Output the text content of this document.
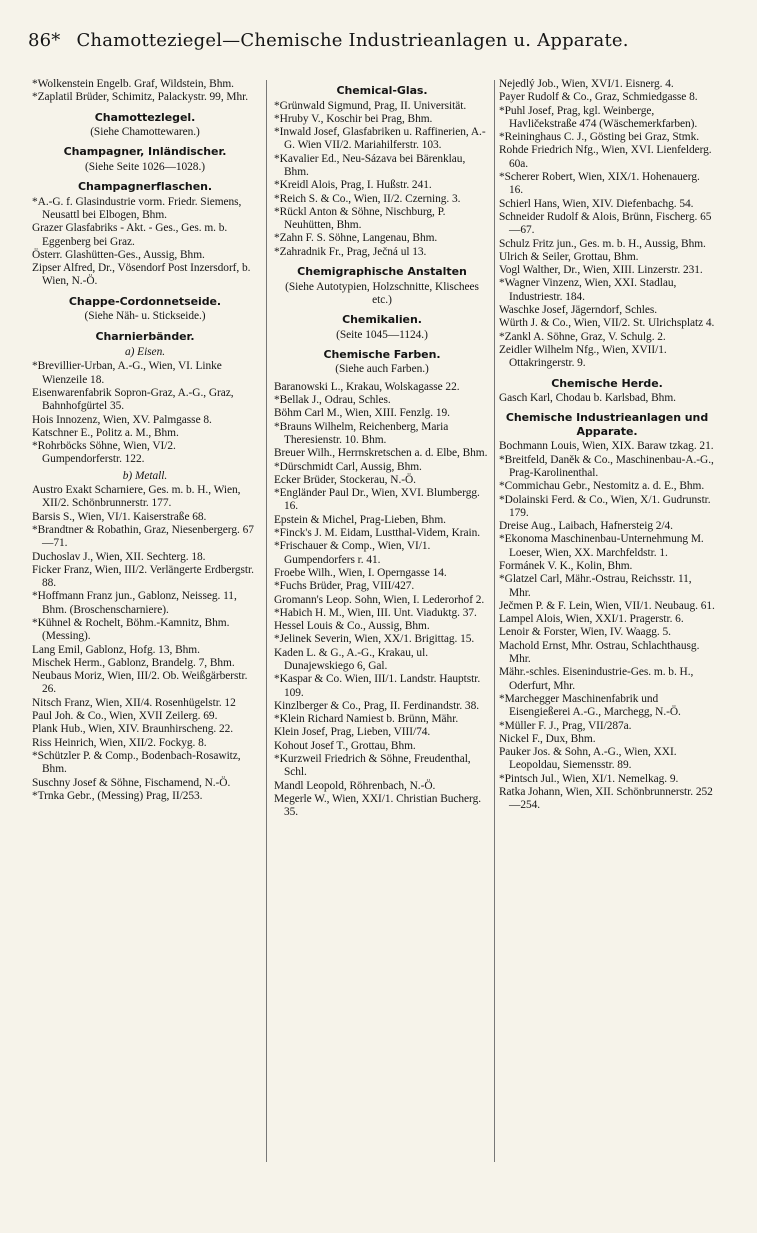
86* Chamotteziegel—Chemische Industrieanlagen u. Apparate.

*Wolkenstein Engelb. Graf, Wildstein, Bhm.

*Zaplatil Brüder, Schimitz, Palackystr. 99, Mhr.

Chamottezlegel.

(Siehe Chamottewaren.)

Champagner, Inländischer.

(Siehe Seite 1026—1028.)

Champagnerflaschen.

*A.-G. f. Glasindustrie vorm. Friedr. Siemens, Neusattl bei Elbogen, Bhm.

Grazer Glasfabriks - Akt. - Ges., Ges. m. b. Eggenberg bei Graz.

Österr. Glashütten-Ges., Aussig, Bhm.

Zipser Alfred, Dr., Vösendorf Post Inzersdorf, b. Wien, N.-Ö.

Chappe-Cordonnetseide.

(Siehe Näh- u. Stickseide.)

Charnierbänder.

a) Eisen.

*Brevillier-Urban, A.-G., Wien, VI. Linke Wienzeile 18.

Eisenwarenfabrik Sopron-Graz, A.-G., Graz, Bahnhofgürtel 35.

Hois Innozenz, Wien, XV. Palmgasse 8.

Katschner E., Politz a. M., Bhm.

*Rohrböcks Söhne, Wien, VI/2. Gumpendorferstr. 122.

b) Metall.

Austro Exakt Scharniere, Ges. m. b. H., Wien, XII/2. Schönbrunnerstr. 177.

Barsis S., Wien, VI/1. Kaiserstraße 68.

*Brandtner & Robathin, Graz, Niesenbergerg. 67—71.

Duchoslav J., Wien, XII. Sechterg. 18.

Ficker Franz, Wien, III/2. Verlängerte Erdbergstr. 88.

*Hoffmann Franz jun., Gablonz, Neisseg. 11, Bhm. (Broschenscharniere).

*Kühnel & Rochelt, Böhm.-Kamnitz, Bhm. (Messing).

Lang Emil, Gablonz, Hofg. 13, Bhm.

Mischek Herm., Gablonz, Brandelg. 7, Bhm.

Neubaus Moriz, Wien, III/2. Ob. Weißgärberstr. 26.

Nitsch Franz, Wien, XII/4. Rosenhügelstr. 12

Paul Joh. & Co., Wien, XVII Zeilerg. 69.

Plank Hub., Wien, XIV. Braunhirscheng. 22.

Riss Heinrich, Wien, XII/2. Fockyg. 8.

*Schützler P. & Comp., Bodenbach-Rosawitz, Bhm.

Suschny Josef & Söhne, Fischamend, N.-Ö.

*Trnka Gebr., (Messing) Prag, II/253.

Chemical-Glas.

*Grünwald Sigmund, Prag, II. Universität.

*Hruby V., Koschir bei Prag, Bhm.

*Inwald Josef, Glasfabriken u. Raffinerien, A.-G. Wien VII/2. Mariahilferstr. 103.

*Kavalier Ed., Neu-Sázava bei Bärenklau, Bhm.

*Kreidl Alois, Prag, I. Hußstr. 241.

*Reich S. & Co., Wien, II/2. Czerning. 3.

*Rückl Anton & Söhne, Nischburg, P. Neuhütten, Bhm.

*Zahn F. S. Söhne, Langenau, Bhm.

*Zahradnik Fr., Prag, Ječná ul 13.

Chemigraphische Anstalten

(Siehe Autotypien, Holzschnitte, Klischees etc.)

Chemikalien.

(Seite 1045—1124.)

Chemische Farben.

(Siehe auch Farben.)

Baranowski L., Krakau, Wolskagasse 22.

*Bellak J., Odrau, Schles.

Böhm Carl M., Wien, XIII. Fenzlg. 19.

*Brauns Wilhelm, Reichenberg, Maria Theresienstr. 10. Bhm.

Breuer Wilh., Herrnskretschen a. d. Elbe, Bhm.

*Dürschmidt Carl, Aussig, Bhm.

Ecker Brüder, Stockerau, N.-Ö.

*Engländer Paul Dr., Wien, XVI. Blumbergg. 16.

Epstein & Michel, Prag-Lieben, Bhm.

*Finck's J. M. Eidam, Lustthal-Videm, Krain.

*Frischauer & Comp., Wien, VI/1. Gumpendorfers r. 41.

Froebe Wilh., Wien, I. Operngasse 14.

*Fuchs Brüder, Prag, VIII/427.

Gromann's Leop. Sohn, Wien, I. Lederorhof 2.

*Habich H. M., Wien, III. Unt. Viaduktg. 37.

Hessel Louis & Co., Aussig, Bhm.

*Jelinek Severin, Wien, XX/1. Brigittag. 15.

Kaden L. & G., A.-G., Krakau, ul. Dunajewskiego 6, Gal.

*Kaspar & Co. Wien, III/1. Landstr. Hauptstr. 109.

Kinzlberger & Co., Prag, II. Ferdinandstr. 38.

*Klein Richard Namiest b. Brünn, Mähr.

Klein Josef, Prag, Lieben, VIII/74.

Kohout Josef T., Grottau, Bhm.

*Kurzweil Friedrich & Söhne, Freudenthal, Schl.

Mandl Leopold, Röhrenbach, N.-Ö.

Megerle W., Wien, XXI/1. Christian Bucherg. 35.

Nejedlý Job., Wien, XVI/1. Eisnerg. 4.

Payer Rudolf & Co., Graz, Schmiedgasse 8.

*Puhl Josef, Prag, kgl. Weinberge, Havličekstraße 474 (Wäschemerkfarben).

*Reininghaus C. J., Gösting bei Graz, Stmk.

Rohde Friedrich Nfg., Wien, XVI. Lienfelderg. 60a.

*Scherer Robert, Wien, XIX/1. Hohenauerg. 16.

Schierl Hans, Wien, XIV. Diefenbachg. 54.

Schneider Rudolf & Alois, Brünn, Fischerg. 65—67.

Schulz Fritz jun., Ges. m. b. H., Aussig, Bhm.

Ulrich & Seiler, Grottau, Bhm.

Vogl Walther, Dr., Wien, XIII. Linzerstr. 231.

*Wagner Vinzenz, Wien, XXI. Stadlau, Industriestr. 184.

Waschke Josef, Jägerndorf, Schles.

Würth J. & Co., Wien, VII/2. St. Ulrichsplatz 4.

*Zankl A. Söhne, Graz, V. Schulg. 2.

Zeidler Wilhelm Nfg., Wien, XVII/1. Ottakringerstr. 9.

Chemische Herde.

Gasch Karl, Chodau b. Karlsbad, Bhm.

Chemische Industrieanlagen und Apparate.

Bochmann Louis, Wien, XIX. Baraw tzkag. 21.

*Breitfeld, Daněk & Co., Maschinenbau-A.-G., Prag-Karolinenthal.

*Commichau Gebr., Nestomitz a. d. E., Bhm.

*Dolainski Ferd. & Co., Wien, X/1. Gudrunstr. 179.

Dreise Aug., Laibach, Hafnersteig 2/4.

*Ekonoma Maschinenbau-Unternehmung M. Loeser, Wien, XX. Marchfeldstr. 1.

Formánek V. K., Kolin, Bhm.

*Glatzel Carl, Mähr.-Ostrau, Reichsstr. 11, Mhr.

Ječmen P. & F. Lein, Wien, VII/1. Neubaug. 61.

Lampel Alois, Wien, XXI/1. Pragerstr. 6.

Lenoir & Forster, Wien, IV. Waagg. 5.

Machold Ernst, Mhr. Ostrau, Schlachthausg. Mhr.

Mähr.-schles. Eisenindustrie-Ges. m. b. H., Oderfurt, Mhr.

*Marchegger Maschinenfabrik und Eisengießerei A.-G., Marchegg, N.-Ö.

*Müller F. J., Prag, VII/287a.

Nickel F., Dux, Bhm.

Pauker Jos. & Sohn, A.-G., Wien, XXI. Leopoldau, Siemensstr. 89.

*Pintsch Jul., Wien, XI/1. Nemelkag. 9.

Ratka Johann, Wien, XII. Schönbrunnerstr. 252—254.
